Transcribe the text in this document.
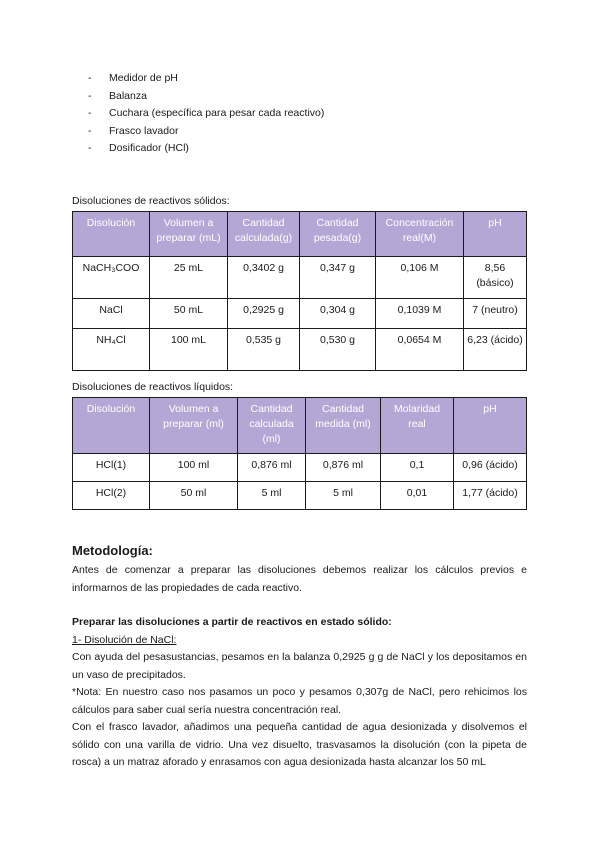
-	Medidor de pH
-	Balanza
-	Cuchara (específica para pesar cada reactivo)
-	Frasco lavador
-	Dosificador (HCl)
Disoluciones de reactivos sólidos:
Disolución	Volumen a preparar (mL)	Cantidad calculada(g)	Cantidad pesada(g)	Concentración real(M)	pH
NaCH₃COO	25 mL	0,3402 g	0,347 g	0,106 M	8,56 (básico)
NaCl	50 mL	0,2925 g	0,304 g	0,1039 M	7 (neutro)
NH₄Cl	100 mL	0,535 g	0,530 g	0,0654 M	6,23 (ácido)
Disoluciones de reactivos líquidos:
Disolución	Volumen a preparar (ml)	Cantidad calculada (ml)	Cantidad medida (ml)	Molaridad real	pH
HCl(1)	100 ml	0,876 ml	0,876 ml	0,1	0,96 (ácido)
HCl(2)	50 ml	5 ml	5 ml	0,01	1,77 (ácido)
Metodología:

Antes de comenzar a preparar las disoluciones debemos realizar los cálculos previos e informarnos de las propiedades de cada reactivo.

Preparar las disoluciones a partir de reactivos en estado sólido:

1- Disolución de NaCl:

Con ayuda del pesasustancias, pesamos en la balanza 0,2925 g g de NaCl y los depositamos en un vaso de precipitados.

*Nota: En nuestro caso nos pasamos un poco y pesamos 0,307g de NaCl, pero rehicimos los cálculos para saber cual sería nuestra concentración real.

Con el frasco lavador, añadimos una pequeña cantidad de agua desionizada y disolvemos el sólido con una varilla de vidrio. Una vez disuelto, trasvasamos la disolución (con la pipeta de rosca) a un matraz aforado y enrasamos con agua desionizada hasta alcanzar los 50 mL
